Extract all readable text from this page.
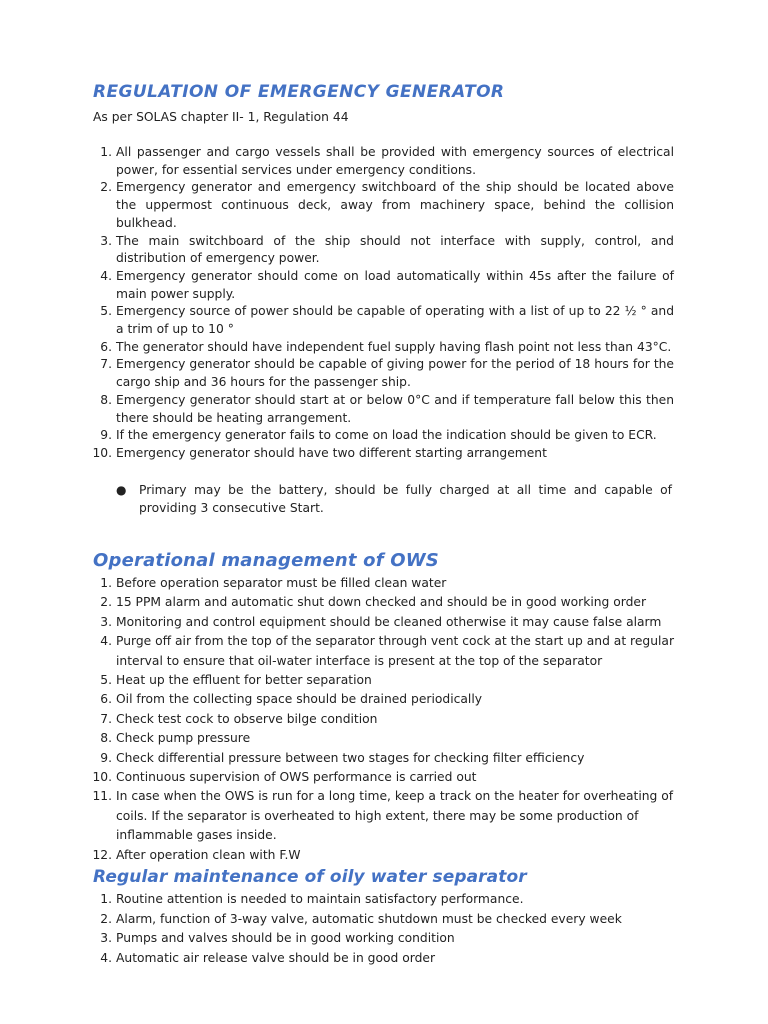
REGULATION OF EMERGENCY GENERATOR

As per SOLAS chapter II- 1, Regulation 44

1. All passenger and cargo vessels shall be provided with emergency sources of electrical power, for essential services under emergency conditions.
2. Emergency generator and emergency switchboard of the ship should be located above the uppermost continuous deck, away from machinery space, behind the collision bulkhead.
3. The main switchboard of the ship should not interface with supply, control, and distribution of emergency power.
4. Emergency generator should come on load automatically within 45s after the failure of main power supply.
5. Emergency source of power should be capable of operating with a list of up to 22 ½ ° and a trim of up to 10 °
6. The generator should have independent fuel supply having flash point not less than 43°C.
7. Emergency generator should be capable of giving power for the period of 18 hours for the cargo ship and 36 hours for the passenger ship.
8. Emergency generator should start at or below 0°C and if temperature fall below this then there should be heating arrangement.
9. If the emergency generator fails to come on load the indication should be given to ECR.
10. Emergency generator should have two different starting arrangement
● Primary may be the battery, should be fully charged at all time and capable of providing 3 consecutive Start.
Operational management of OWS
1. Before operation separator must be filled clean water
2. 15 PPM alarm and automatic shut down checked and should be in good working order
3. Monitoring and control equipment should be cleaned otherwise it may cause false alarm
4. Purge off air from the top of the separator through vent cock at the start up and at regular interval to ensure that oil-water interface is present at the top of the separator
5. Heat up the effluent for better separation
6. Oil from the collecting space should be drained periodically
7. Check test cock to observe bilge condition
8. Check pump pressure
9. Check differential pressure between two stages for checking filter efficiency
10. Continuous supervision of OWS performance is carried out
11. In case when the OWS is run for a long time, keep a track on the heater for overheating of coils. If the separator is overheated to high extent, there may be some production of inflammable gases inside.
12. After operation clean with F.W
Regular maintenance of oily water separator
1. Routine attention is needed to maintain satisfactory performance.
2. Alarm, function of 3-way valve, automatic shutdown must be checked every week
3. Pumps and valves should be in good working condition
4. Automatic air release valve should be in good order
